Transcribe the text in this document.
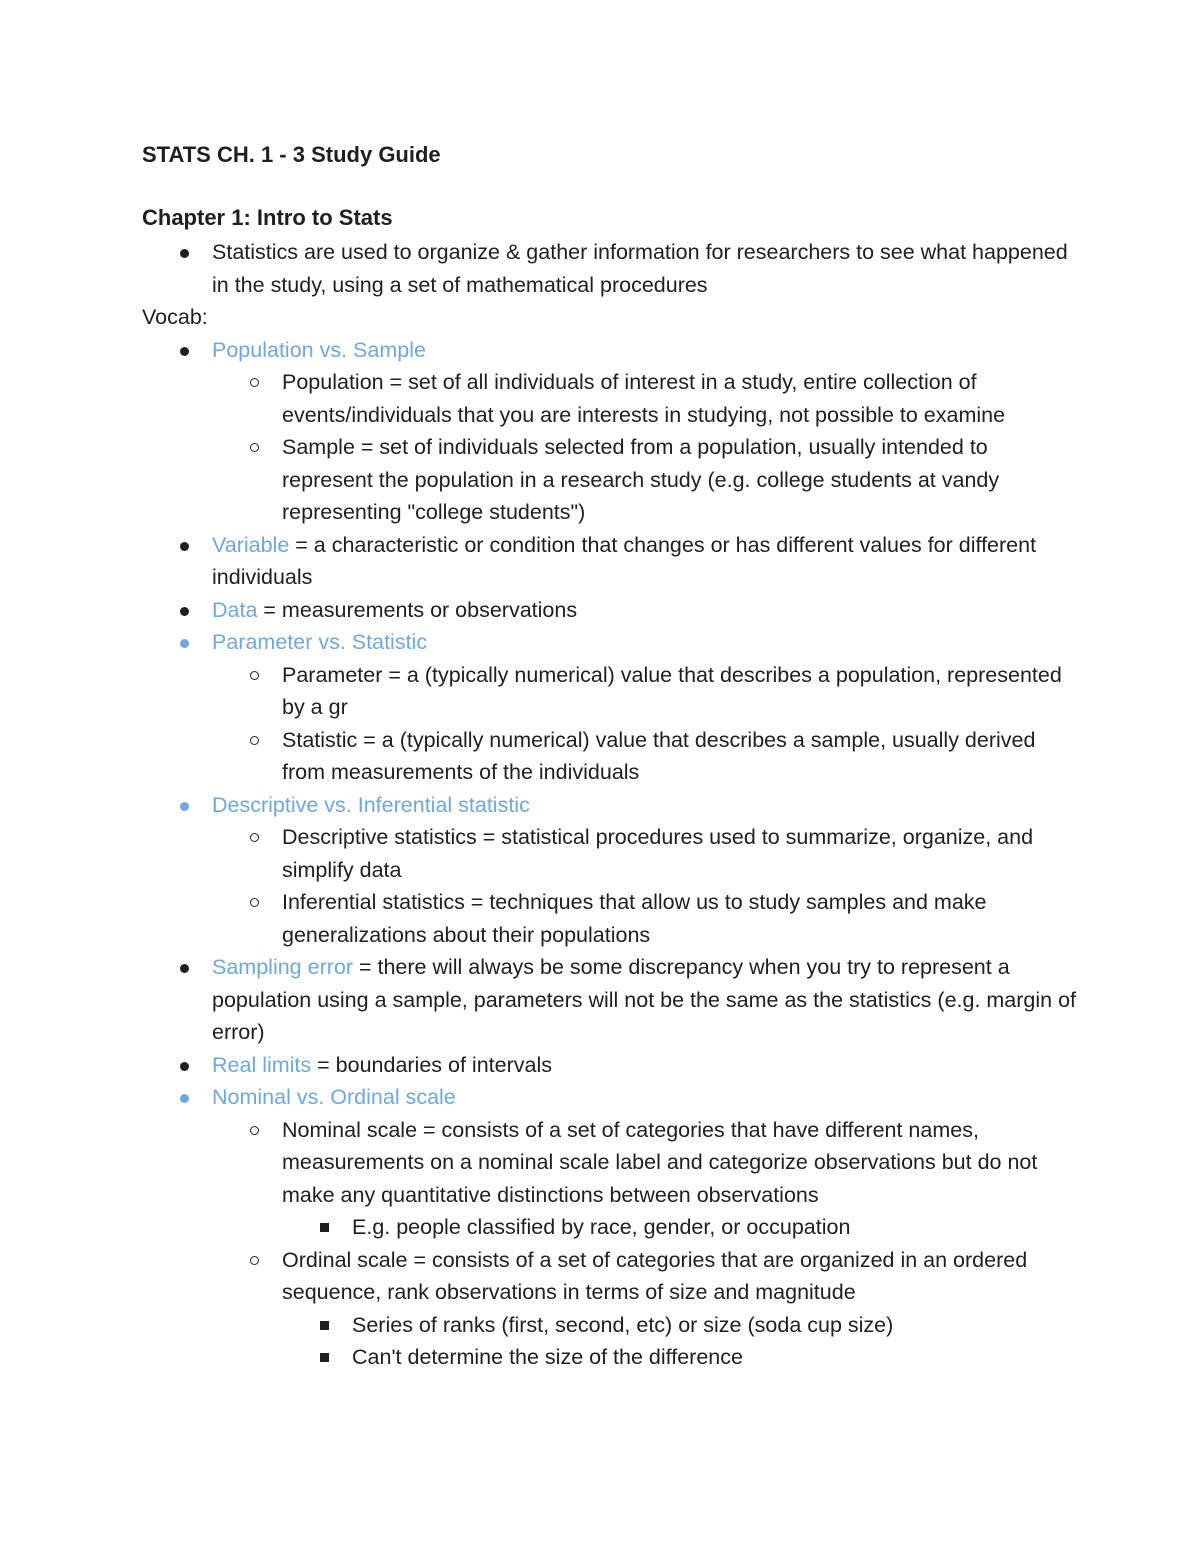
STATS CH. 1 - 3 Study Guide

Chapter 1: Intro to Stats

Statistics are used to organize & gather information for researchers to see what happened in the study, using a set of mathematical procedures
Vocab:
Population vs. Sample
Population = set of all individuals of interest in a study, entire collection of events/individuals that you are interests in studying, not possible to examine
Sample = set of individuals selected from a population, usually intended to represent the population in a research study (e.g. college students at vandy representing "college students")
Variable = a characteristic or condition that changes or has different values for different individuals
Data = measurements or observations
Parameter vs. Statistic
Parameter = a (typically numerical) value that describes a population, represented by a gr
Statistic = a (typically numerical) value that describes a sample, usually derived from measurements of the individuals
Descriptive vs. Inferential statistic
Descriptive statistics = statistical procedures used to summarize, organize, and simplify data
Inferential statistics = techniques that allow us to study samples and make generalizations about their populations
Sampling error = there will always be some discrepancy when you try to represent a population using a sample, parameters will not be the same as the statistics (e.g. margin of error)
Real limits = boundaries of intervals
Nominal vs. Ordinal scale
Nominal scale = consists of a set of categories that have different names, measurements on a nominal scale label and categorize observations but do not make any quantitative distinctions between observations
E.g. people classified by race, gender, or occupation
Ordinal scale = consists of a set of categories that are organized in an ordered sequence, rank observations in terms of size and magnitude
Series of ranks (first, second, etc) or size (soda cup size)
Can't determine the size of the difference
